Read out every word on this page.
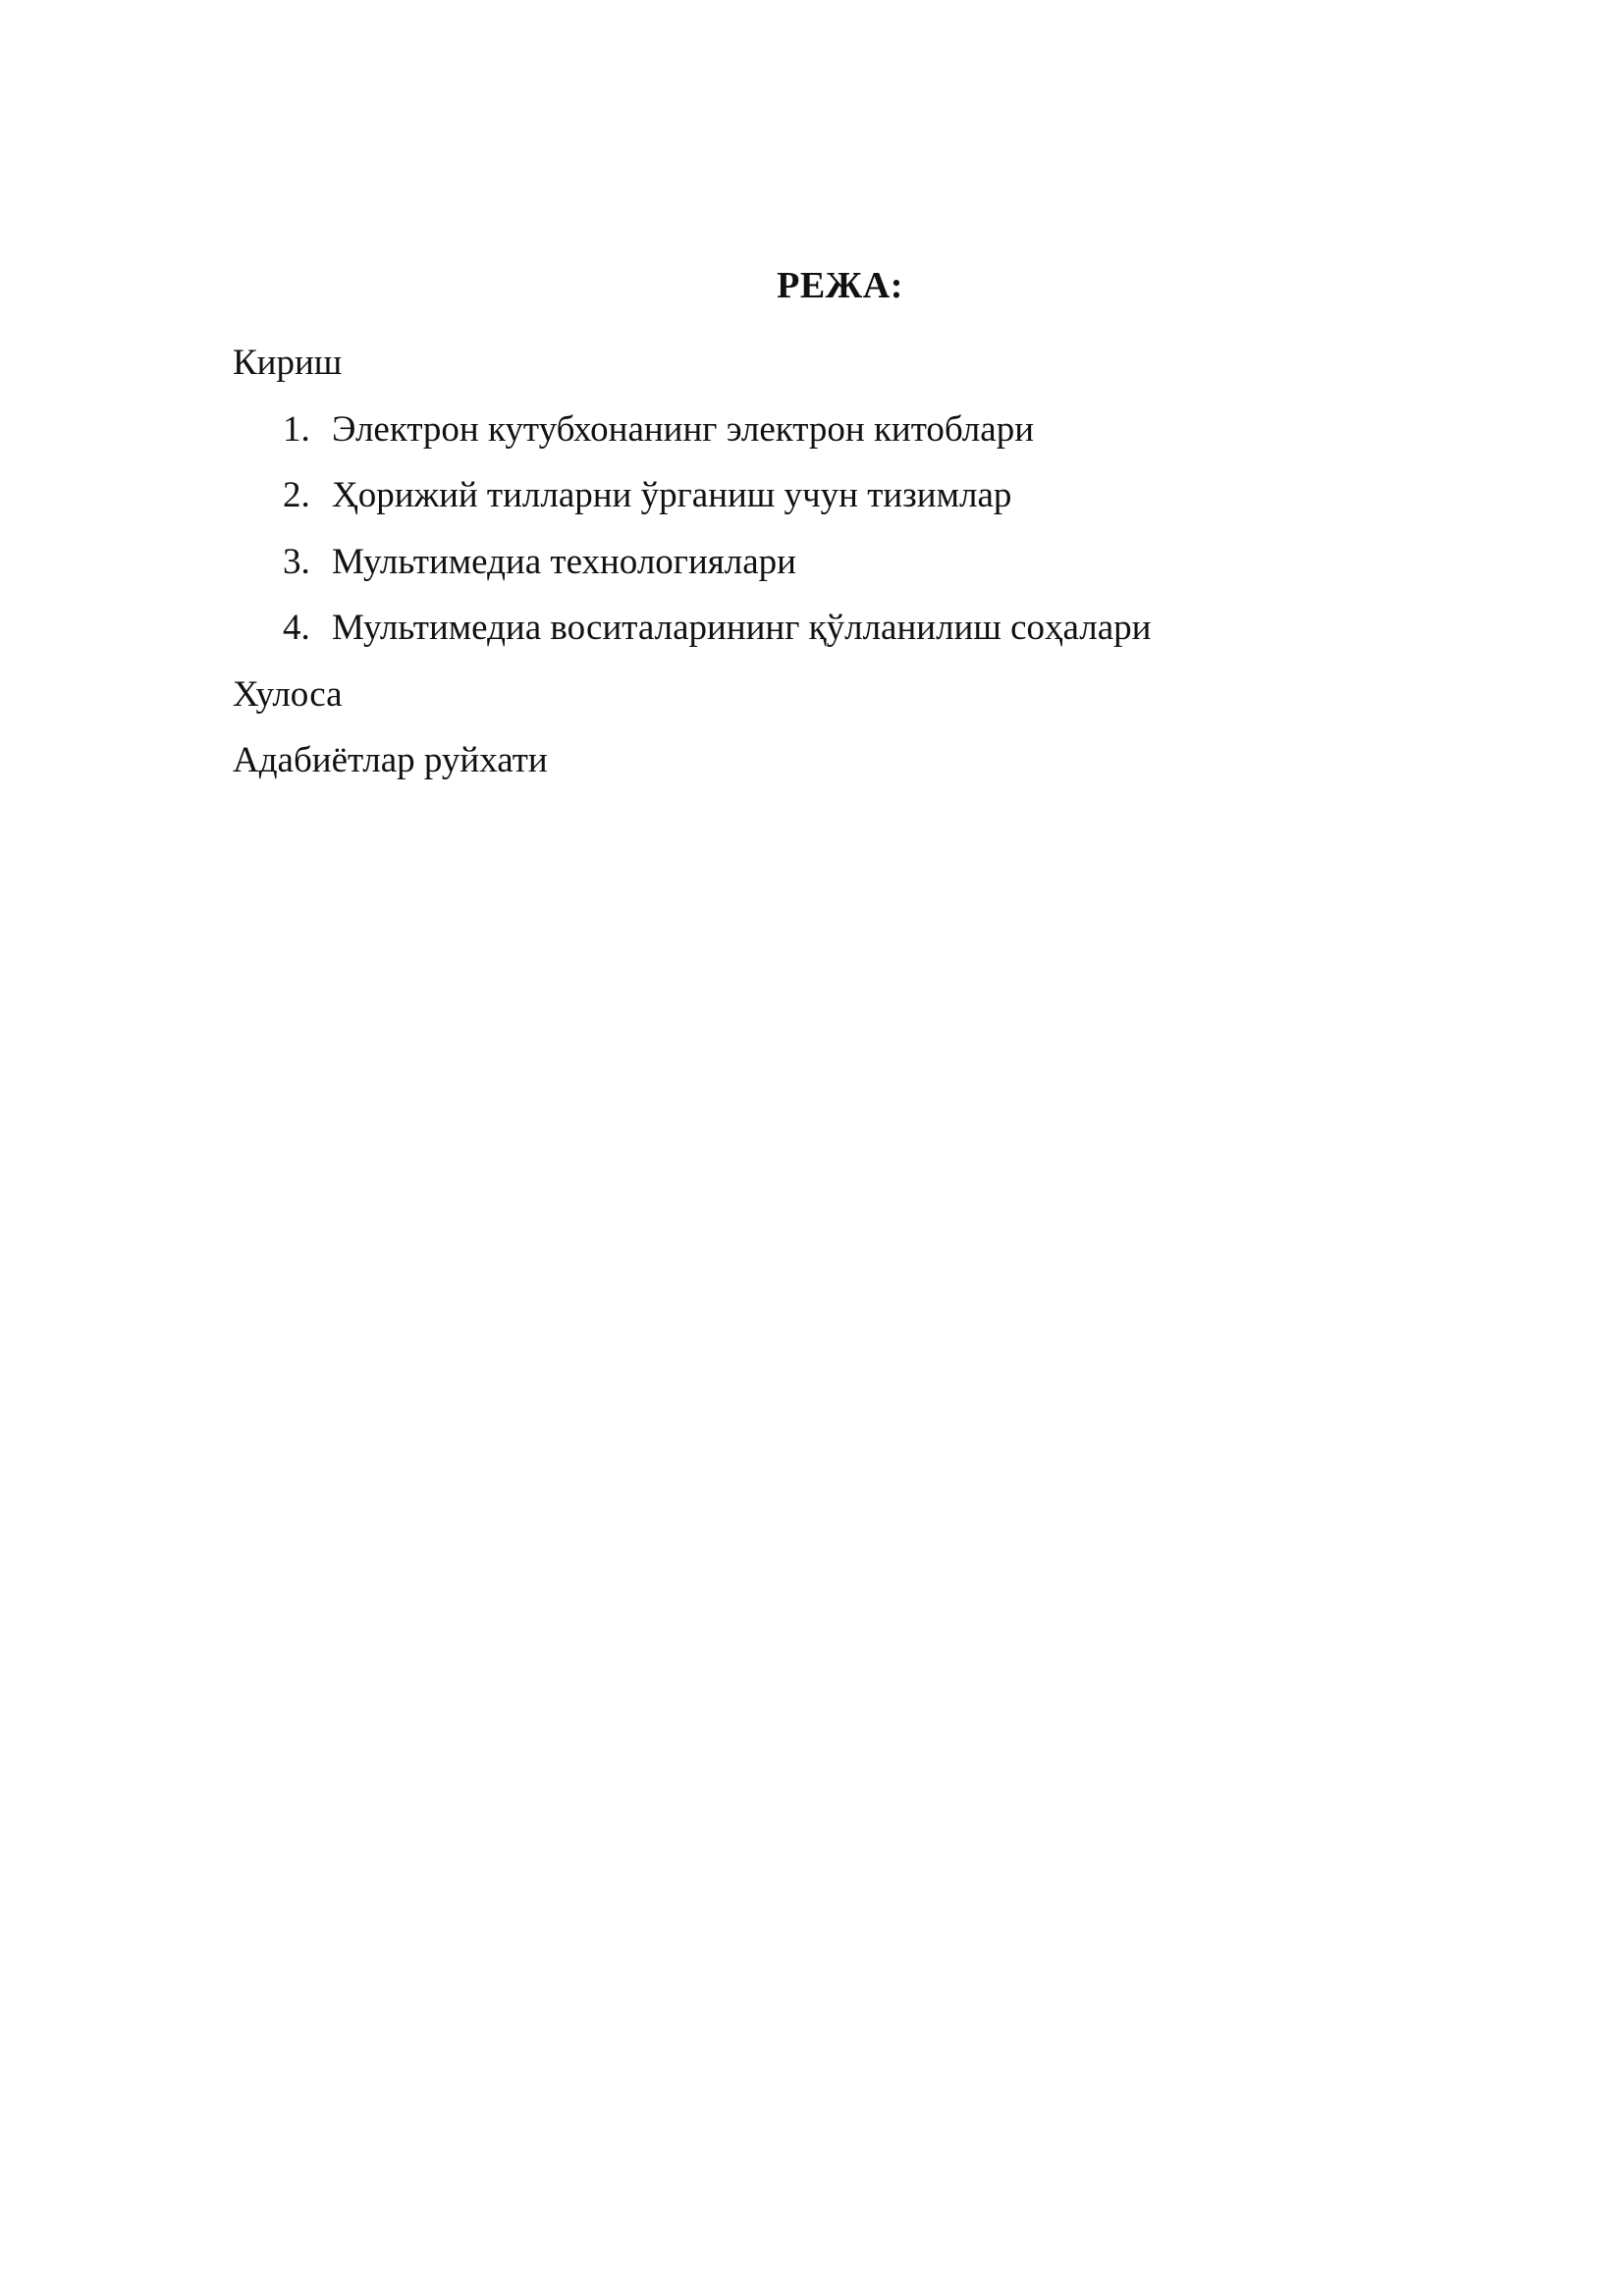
РЕЖА:
Кириш
1. Электрон кутубхонанинг электрон китоблари
2. Ҳорижий тилларни ўрганиш учун тизимлар
3. Мультимедиа технологиялари
4. Мультимедиа воситаларининг қўлланилиш соҳалари
Хулоса
Адабиётлар руйхати
